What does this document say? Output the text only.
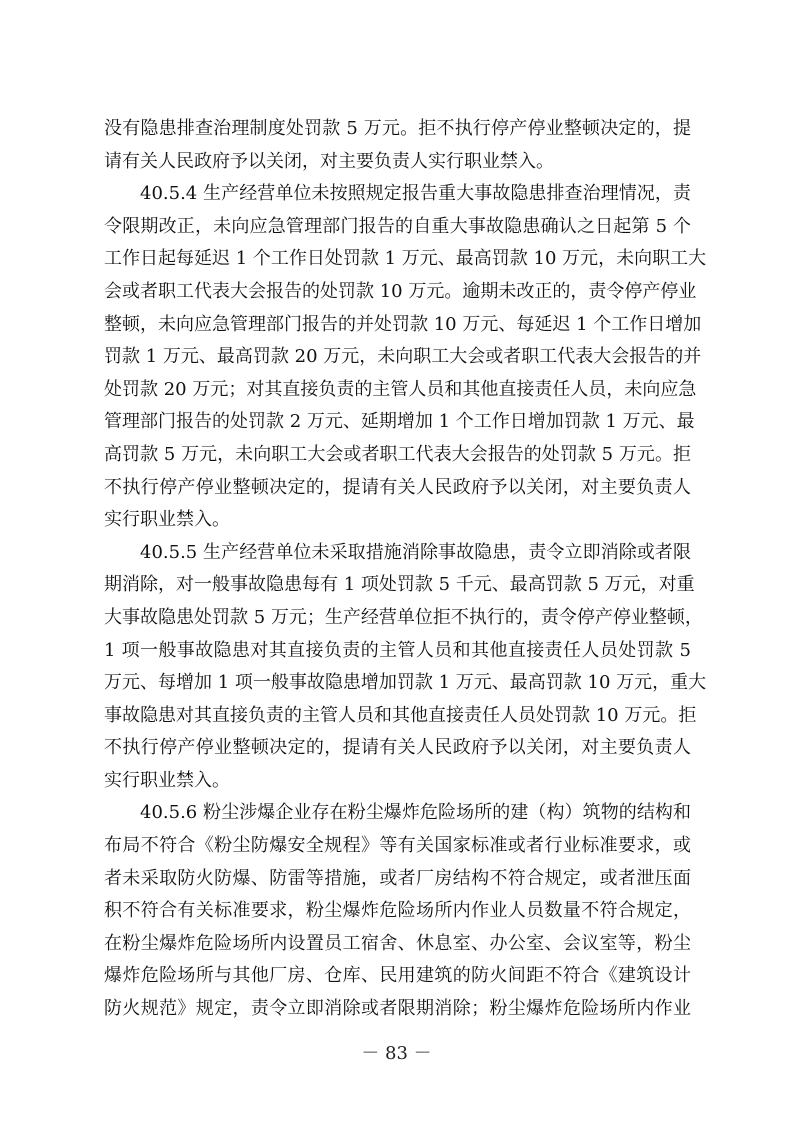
没有隐患排查治理制度处罚款 5 万元。拒不执行停产停业整顿决定的，提
请有关人民政府予以关闭，对主要负责人实行职业禁入。
40.5.4 生产经营单位未按照规定报告重大事故隐患排查治理情况，责
令限期改正，未向应急管理部门报告的自重大事故隐患确认之日起第 5 个
工作日起每延迟 1 个工作日处罚款 1 万元、最高罚款 10 万元，未向职工大
会或者职工代表大会报告的处罚款 10 万元。逾期未改正的，责令停产停业
整顿，未向应急管理部门报告的并处罚款 10 万元、每延迟 1 个工作日增加
罚款 1 万元、最高罚款 20 万元，未向职工大会或者职工代表大会报告的并
处罚款 20 万元；对其直接负责的主管人员和其他直接责任人员，未向应急
管理部门报告的处罚款 2 万元、延期增加 1 个工作日增加罚款 1 万元、最
高罚款 5 万元，未向职工大会或者职工代表大会报告的处罚款 5 万元。拒
不执行停产停业整顿决定的，提请有关人民政府予以关闭，对主要负责人
实行职业禁入。
40.5.5 生产经营单位未采取措施消除事故隐患，责令立即消除或者限
期消除，对一般事故隐患每有 1 项处罚款 5 千元、最高罚款 5 万元，对重
大事故隐患处罚款 5 万元；生产经营单位拒不执行的，责令停产停业整顿，
1 项一般事故隐患对其直接负责的主管人员和其他直接责任人员处罚款 5
万元、每增加 1 项一般事故隐患增加罚款 1 万元、最高罚款 10 万元，重大
事故隐患对其直接负责的主管人员和其他直接责任人员处罚款 10 万元。拒
不执行停产停业整顿决定的，提请有关人民政府予以关闭，对主要负责人
实行职业禁入。
40.5.6 粉尘涉爆企业存在粉尘爆炸危险场所的建（构）筑物的结构和
布局不符合《粉尘防爆安全规程》等有关国家标准或者行业标准要求，或
者未采取防火防爆、防雷等措施，或者厂房结构不符合规定，或者泄压面
积不符合有关标准要求，粉尘爆炸危险场所内作业人员数量不符合规定，
在粉尘爆炸危险场所内设置员工宿舍、休息室、办公室、会议室等，粉尘
爆炸危险场所与其他厂房、仓库、民用建筑的防火间距不符合《建筑设计
防火规范》规定，责令立即消除或者限期消除；粉尘爆炸危险场所内作业
－ 83 －
